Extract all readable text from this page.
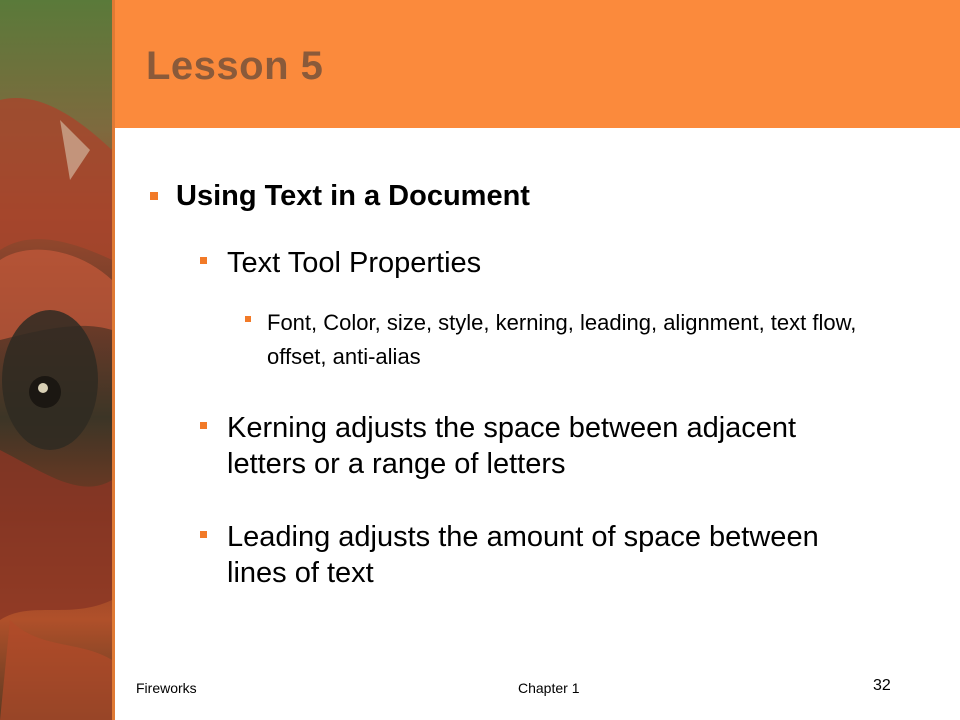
Lesson 5
Using Text in a Document
Text Tool Properties
Font, Color, size, style, kerning, leading, alignment, text flow, offset, anti-alias
Kerning adjusts the space between adjacent letters or a range of letters
Leading adjusts the amount of space between lines of text
Fireworks	Chapter 1	32
